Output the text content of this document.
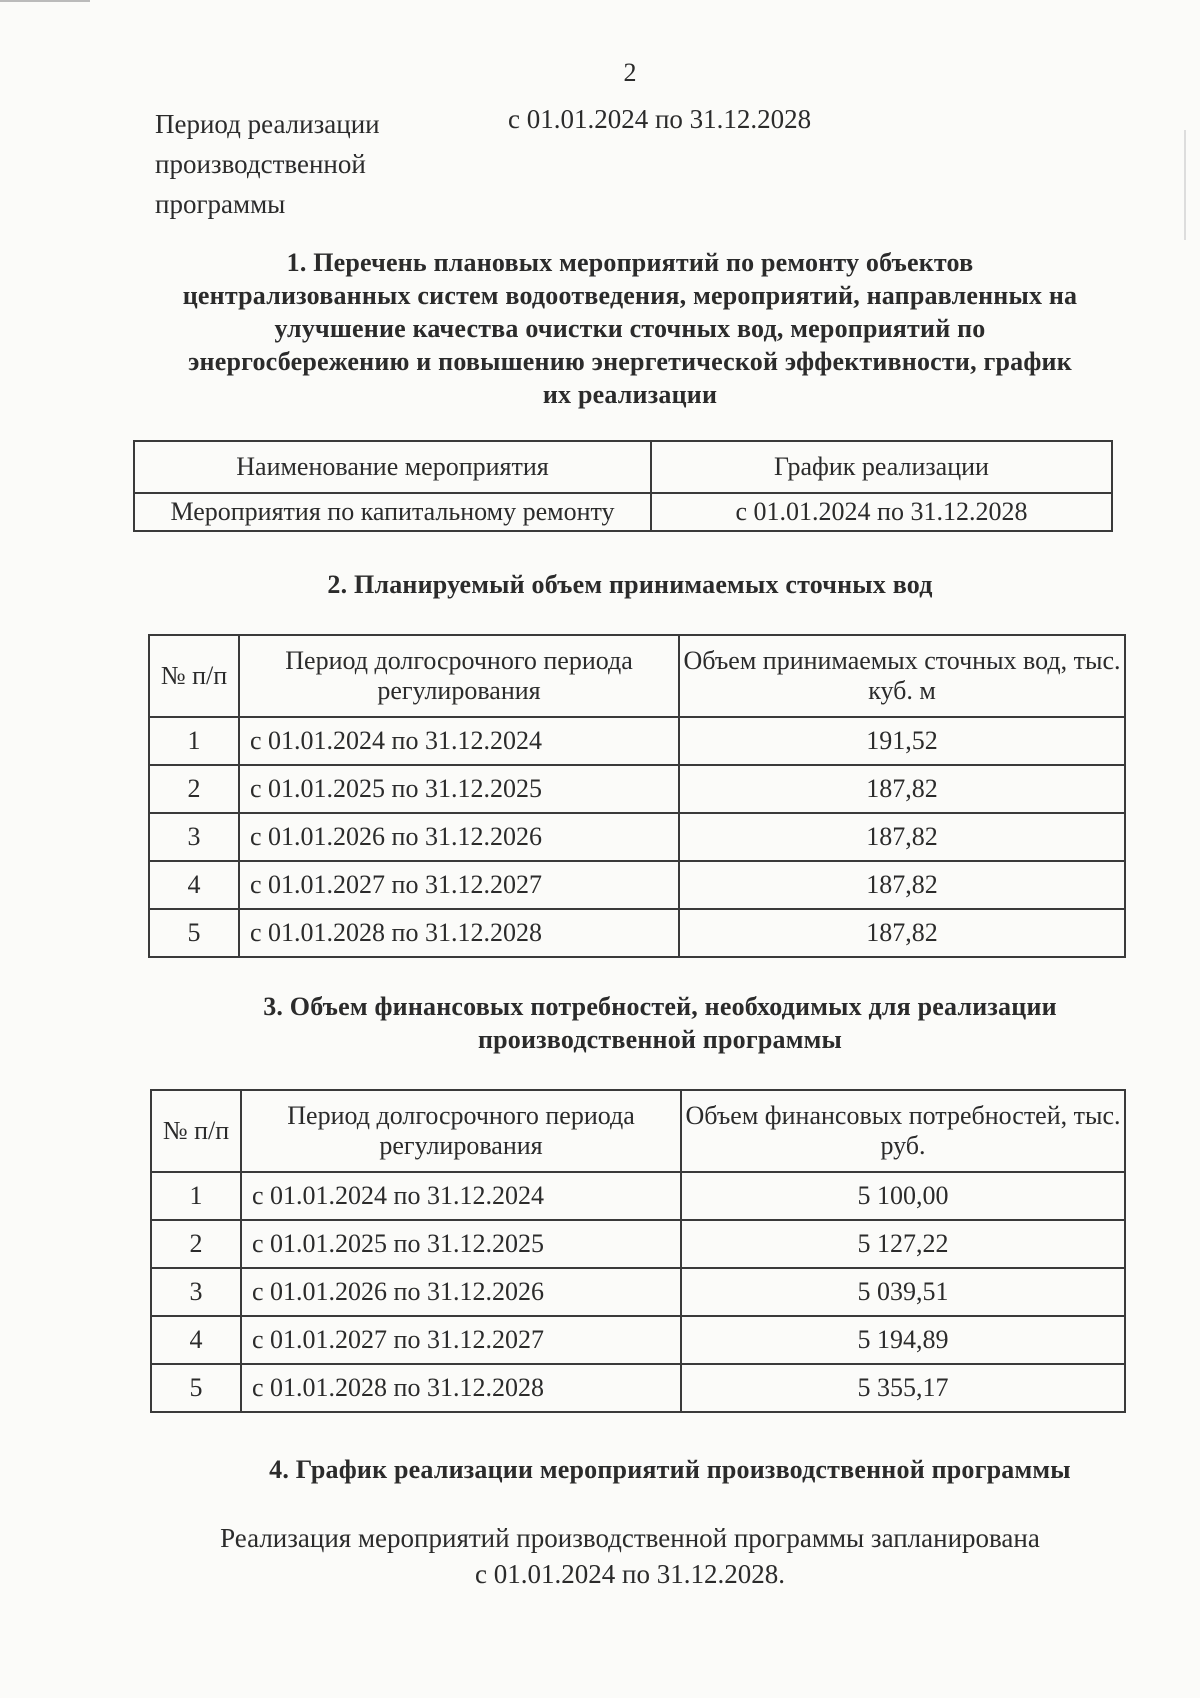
2
Период реализации
производственной
программы
с 01.01.2024 по 31.12.2028
1. Перечень плановых мероприятий по ремонту объектов
централизованных систем водоотведения, мероприятий, направленных на
улучшение качества очистки сточных вод, мероприятий по
энергосбережению и повышению энергетической эффективности, график
их реализации
Наименование мероприятия	График реализации
Мероприятия по капитальному ремонту	с 01.01.2024 по 31.12.2028
2. Планируемый объем принимаемых сточных вод
№ п/п	Период долгосрочного периода регулирования	Объем принимаемых сточных вод, тыс. куб. м
1	с 01.01.2024 по 31.12.2024	191,52
2	с 01.01.2025 по 31.12.2025	187,82
3	с 01.01.2026 по 31.12.2026	187,82
4	с 01.01.2027 по 31.12.2027	187,82
5	с 01.01.2028 по 31.12.2028	187,82
3. Объем финансовых потребностей, необходимых для реализации
производственной программы
№ п/п	Период долгосрочного периода регулирования	Объем финансовых потребностей, тыс. руб.
1	с 01.01.2024 по 31.12.2024	5 100,00
2	с 01.01.2025 по 31.12.2025	5 127,22
3	с 01.01.2026 по 31.12.2026	5 039,51
4	с 01.01.2027 по 31.12.2027	5 194,89
5	с 01.01.2028 по 31.12.2028	5 355,17
4. График реализации мероприятий производственной программы
Реализация мероприятий производственной программы запланирована
с 01.01.2024 по 31.12.2028.
